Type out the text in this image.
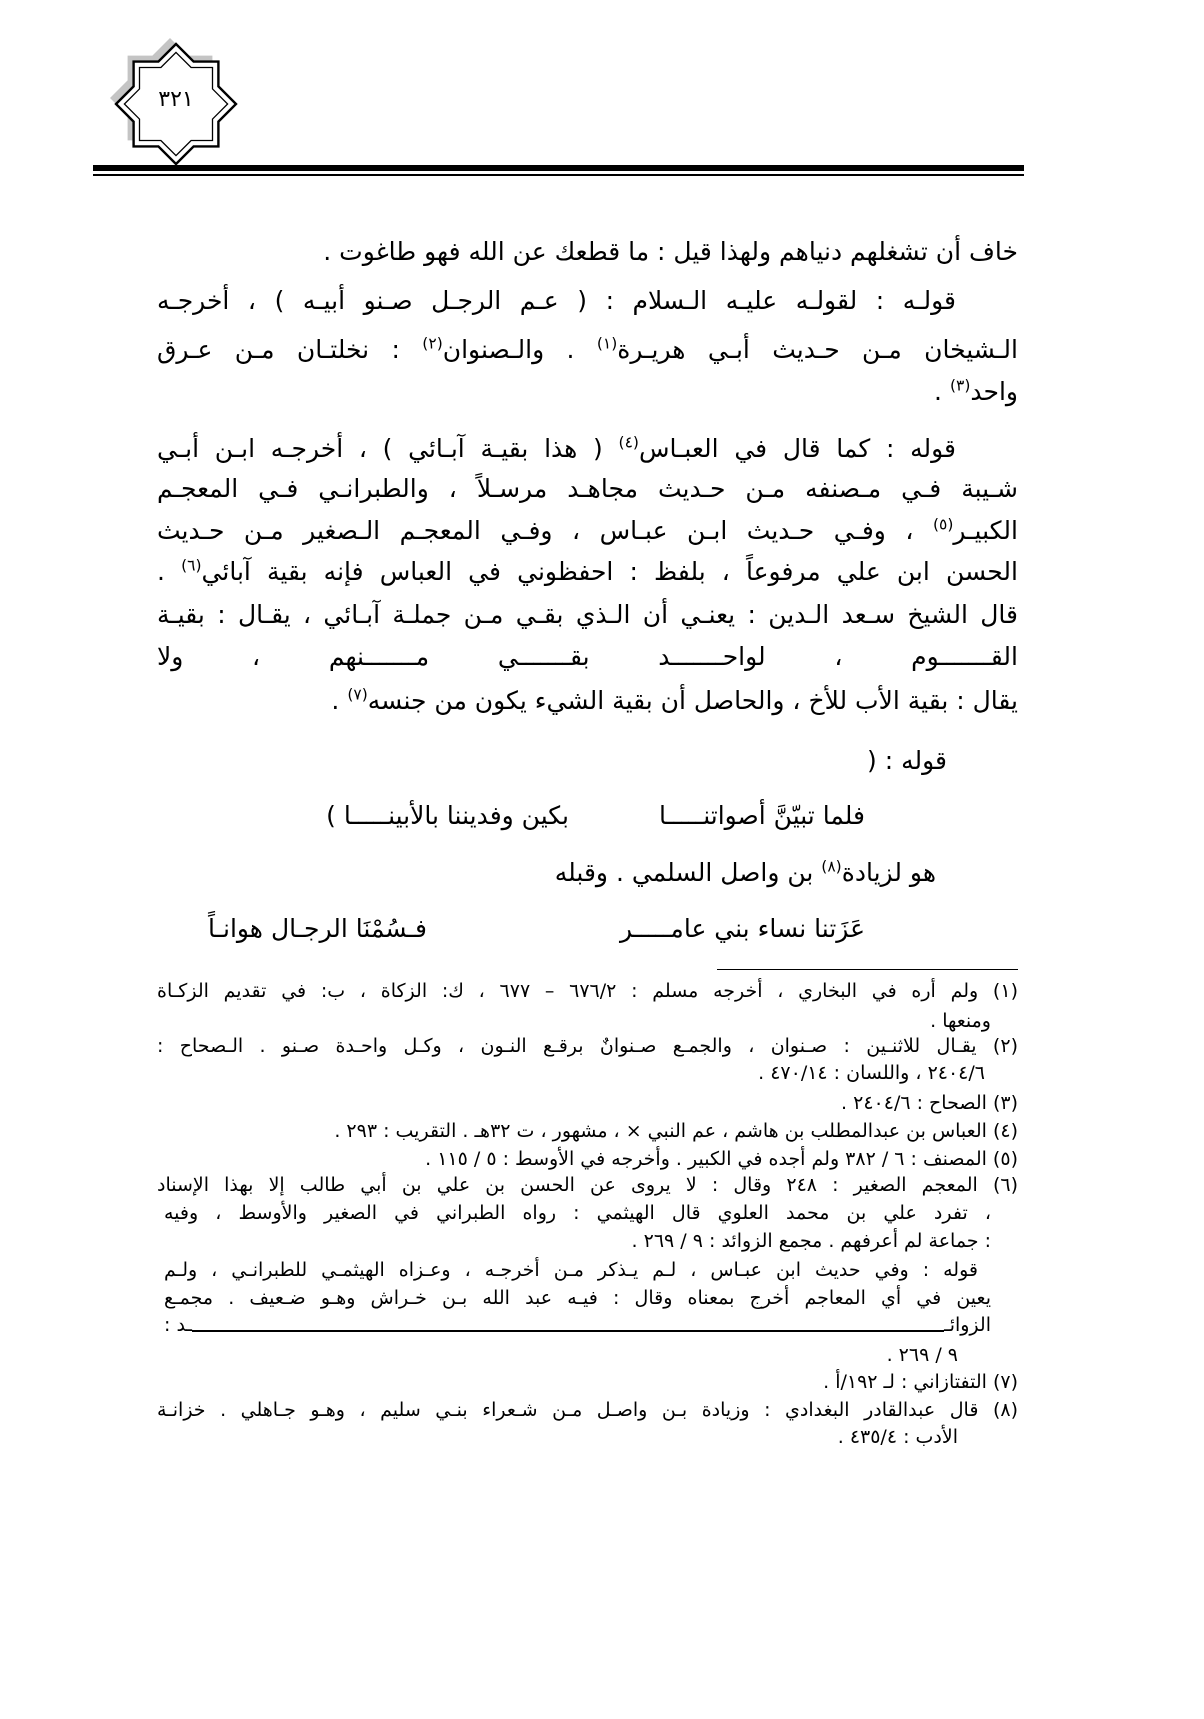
٣٢١
خاف أن تشغلهم دنياهم ولهذا قيل : ما قطعك عن الله فهو طاغوت .
قولـه : لقولـه عليـه الـسلام : ( عـم الرجـل صـنو أبيـه ) ، أخرجـه
الـشيخان مـن حـديث أبـي هريـرة$^{(١)}$ . والـصنوان$^{(٢)}$ : نخلتـان مـن عـرق
واحد$^{(٣)}$ .
قوله : كما قال في العبـاس$^{(٤)}$ ( هذا بقيـة آبـائي ) ، أخرجـه ابـن أبـي
شـيبة فـي مـصنفه مـن حـديث مجاهـد مرسـلاً ، والطبرانـي فـي المعجـم
الكبيـر$^{(٥)}$ ، وفـي حـديث ابـن عبـاس ، وفـي المعجـم الـصغير مـن حـديث
الحسن ابن علي مرفوعاً ، بلفظ : احفظوني في العباس فإنه بقية آبائي$^{(٦)}$ .
قال الشيخ سـعد الـدين : يعنـي أن الـذي بقـي مـن جملـة آبـائي ، يقـال : بقيـة
القـــــــوم ، لواحـــــــد بقـــــــي مـــــــنهم ، ولا
يقال : بقية الأب للأخ ، والحاصل أن بقية الشيء يكون من جنسه$^{(٧)}$ .
قوله : (
فلما تبيّنَّ أصواتنـــــا
بكين وفديننا بالأبينـــــا )
هو لزيادة$^{(٨)}$ بن واصل السلمي . وقبله
عَزَتنا نساء بني عامـــــر
فـسُمْنَا الرجـال هوانـاً
(١) ولم أره في البخاري ، أخرجه مسلم : ٦٧٦/٢ – ٦٧٧ ، ك: الزكاة ، ب: في تقديم الزكـاة
ومنعها .
(٢) يقـال للاثنـين : صـنوان ، والجمـع صـنوانٌ برقـع النـون ، وكـل واحـدة صـنو . الـصحاح :
٢٤٠٤/٦ ، واللسان : ٤٧٠/١٤ .
(٣) الصحاح : ٢٤٠٤/٦ .
(٤) العباس بن عبدالمطلب بن هاشم ، عم النبي × ، مشهور ، ت ٣٢هـ . التقريب : ٢٩٣ .
(٥) المصنف : ٦ / ٣٨٢ ولم أجده في الكبير . وأخرجه في الأوسط : ٥ / ١١٥ .
(٦) المعجم الصغير : ٢٤٨ وقال : لا يروى عن الحسن بن علي بن أبي طالب إلا بهذا الإسناد
، تفرد علي بن محمد العلوي قال الهيثمي : رواه الطبراني في الصغير والأوسط ، وفيه
: جماعة لم أعرفهم . مجمع الزوائد : ٩ / ٢٦٩ .
قوله : وفي حديث ابن عبـاس ، لـم يـذكر مـن أخرجـه ، وعـزاه الهيثمـي للطبرانـي ، ولـم
يعين في أي المعاجم أخرج بمعناه وقال : فيـه عبد الله بـن خـراش وهـو ضـعيف . مجمـع
الزوائـ
ـد :
٩ / ٢٦٩ .
(٧) التفتازاني : لـ ١٩٢/أ .
(٨) قال عبدالقادر البغدادي : وزيادة بـن واصـل مـن شـعراء بنـي سليم ، وهـو جـاهلي . خزانـة
الأدب : ٤٣٥/٤ .
